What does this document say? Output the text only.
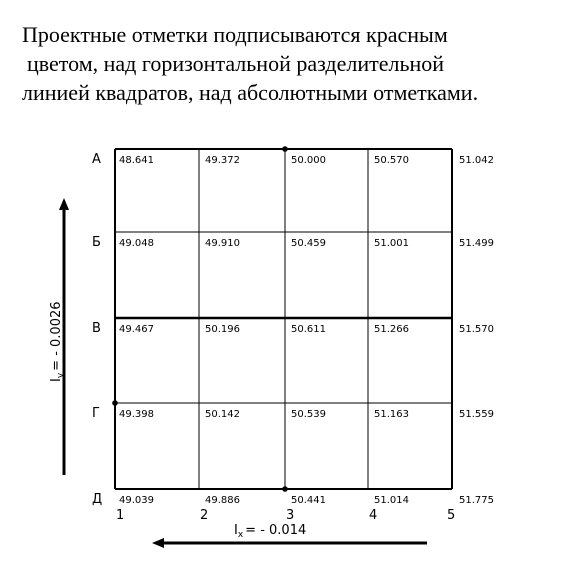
Проектные отметки подписываются красным
цветом, над горизонтальной разделительной
линией квадратов, над абсолютными отметками.
48.641	49.372	50.000	50.570	51.042
49.048	49.910	50.459	51.001	51.499
49.467	50.196	50.611	51.266	51.570
49.398	50.142	50.539	51.163	51.559
49.039	49.886	50.441	51.014	51.775
А
Б
В
Г
Д
1	2	3	4	5
$I_y= - 0.0026$
$I_x$ = - 0.014
